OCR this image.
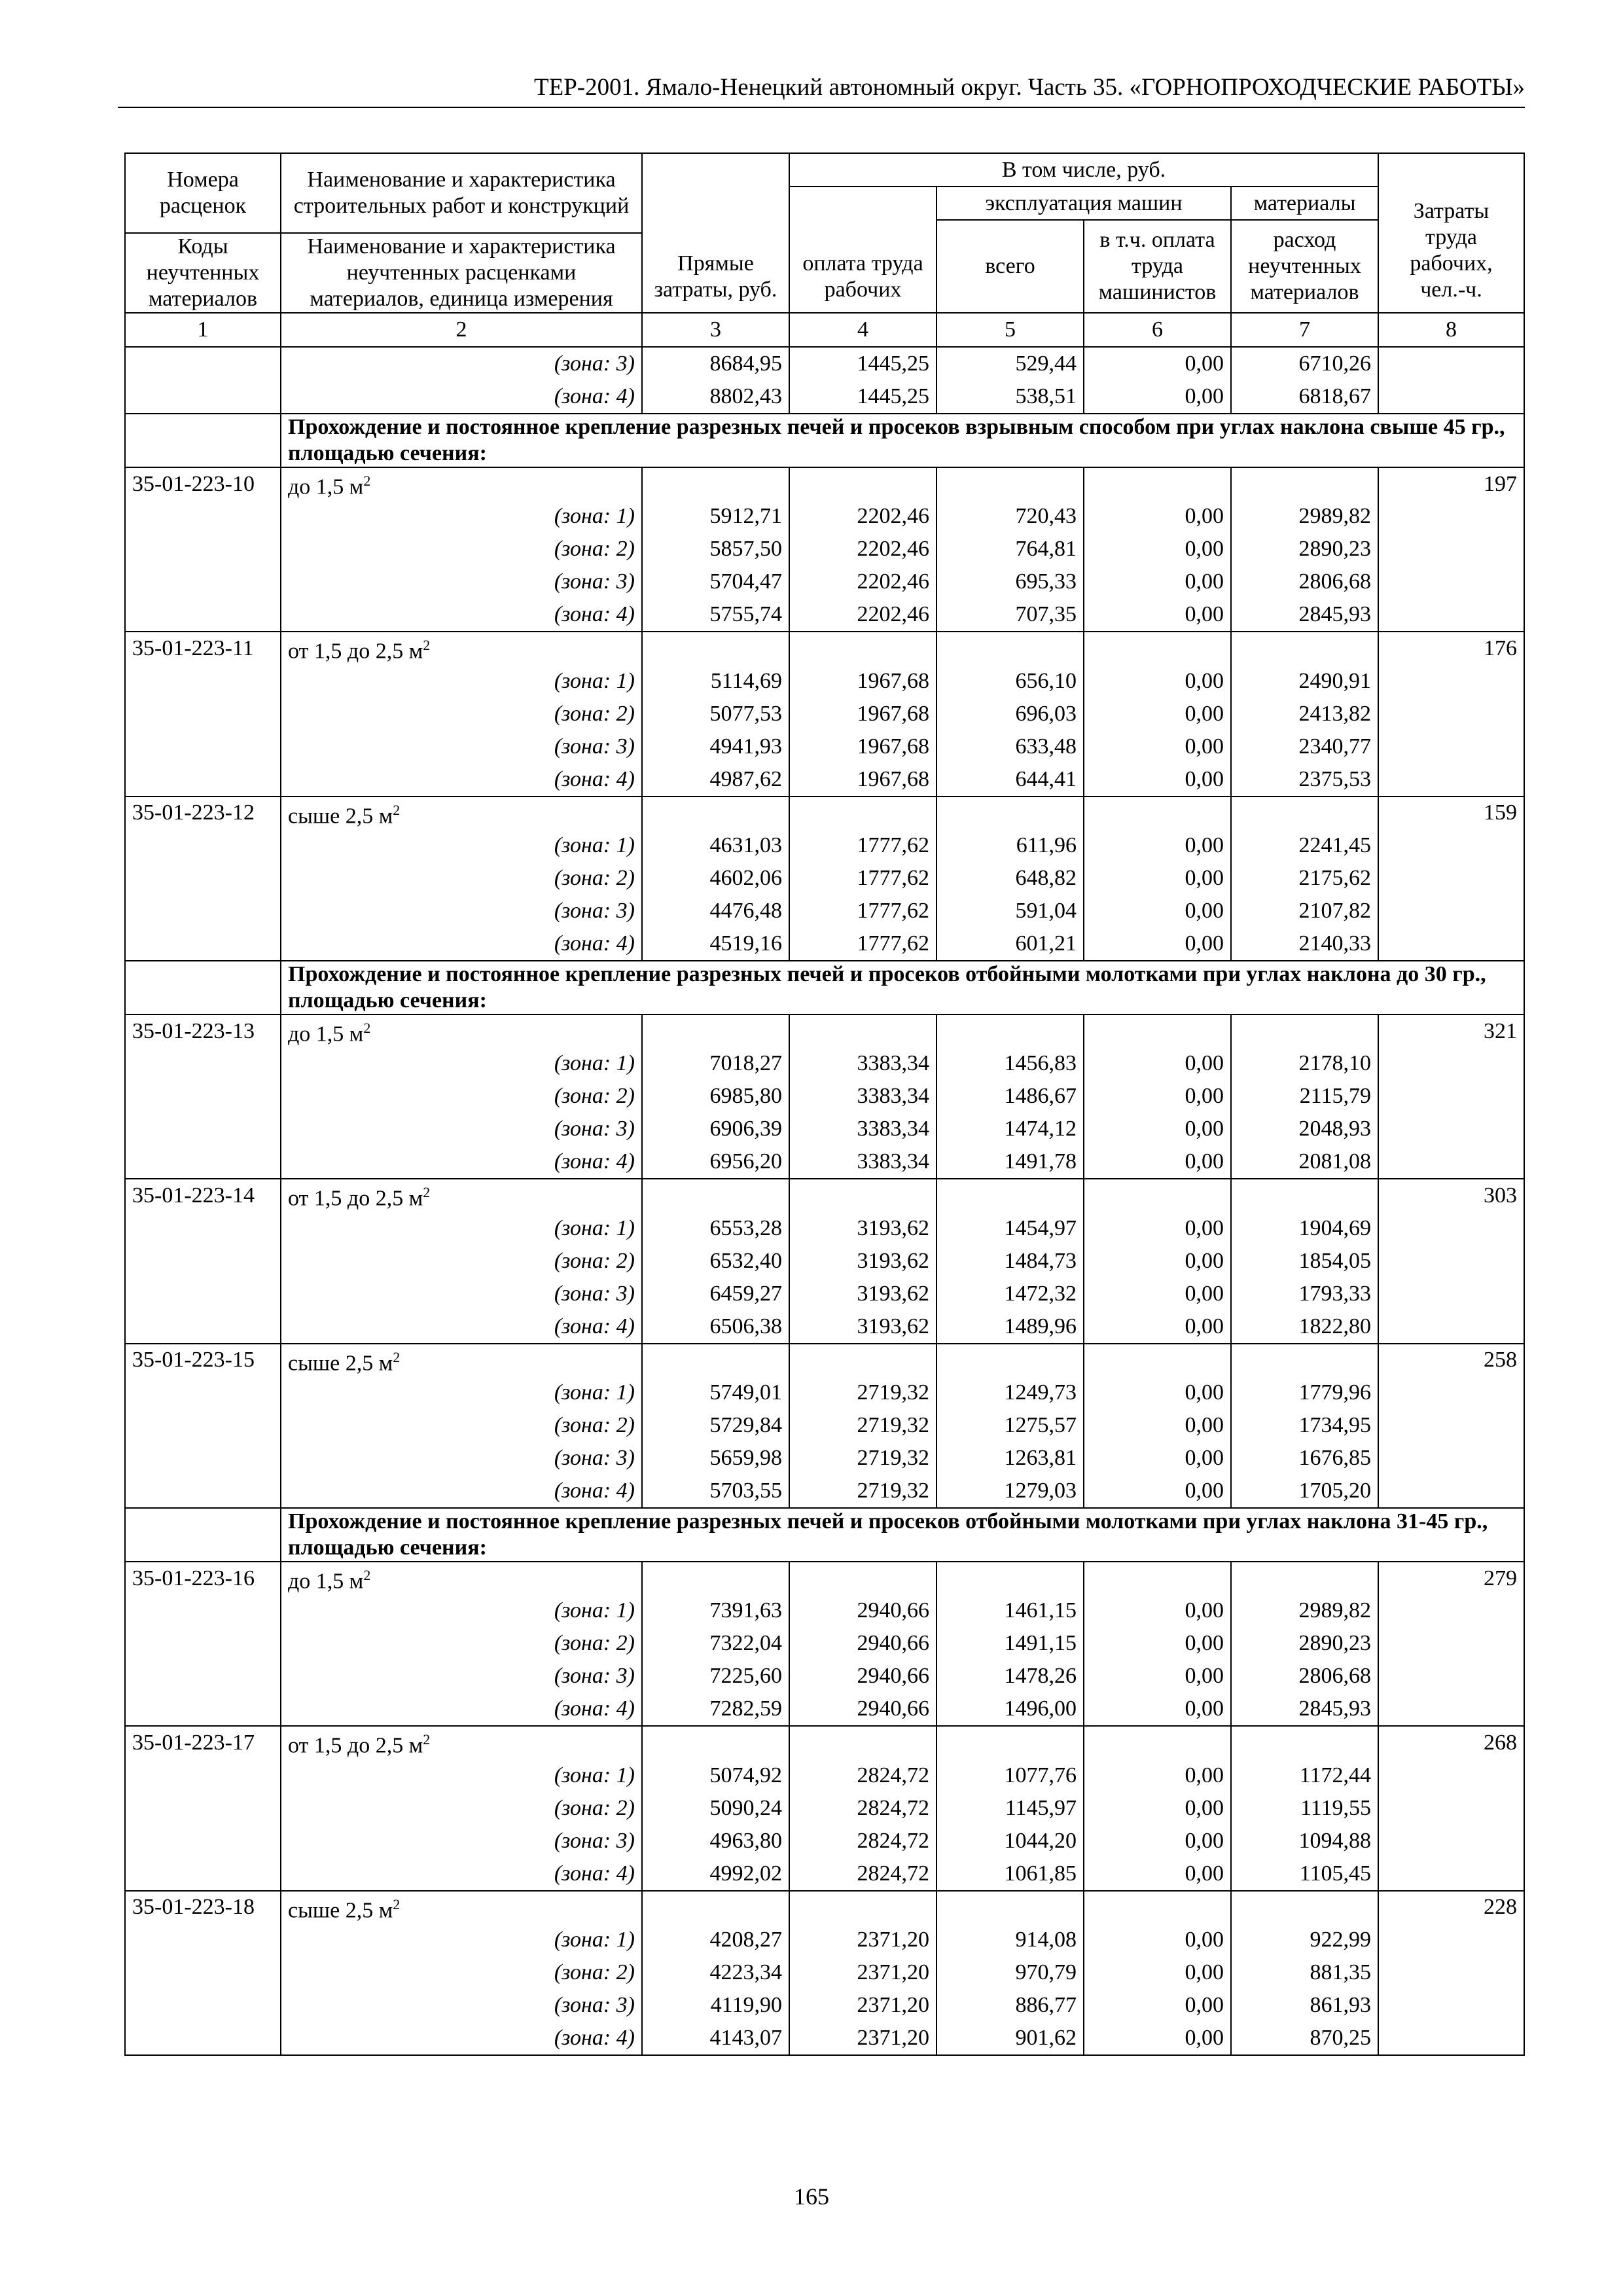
ТЕР-2001. Ямало-Ненецкий автономный округ. Часть 35. «ГОРНОПРОХОДЧЕСКИЕ РАБОТЫ»
Номера расценок	Наименование и характеристика строительных работ и конструкций	Прямые затраты, руб.	В том числе, руб.				Затраты труда рабочих, чел.-ч.
			оплата труда рабочих	эксплуатация машин		материалы	
				всего	в т.ч. оплата труда машинистов	расход неучтенных материалов	
Коды неучтенных материалов	Наименование и характеристика неучтенных расценками материалов, единица измерения						

1	2	3	4	5	6	7	8
	(зона: 3)	8684,95	1445,25	529,44	0,00	6710,26	
	(зона: 4)	8802,43	1445,25	538,51	0,00	6818,67	
	Прохождение и постоянное крепление разрезных печей и просеков взрывным способом при углах наклона свыше 45 гр., площадью сечения:						
35-01-223-10	до 1,5 $м^2$						197
	(зона: 1)	5912,71	2202,46	720,43	0,00	2989,82	
	(зона: 2)	5857,50	2202,46	764,81	0,00	2890,23	
	(зона: 3)	5704,47	2202,46	695,33	0,00	2806,68	
	(зона: 4)	5755,74	2202,46	707,35	0,00	2845,93	
35-01-223-11	от 1,5 до 2,5 $м^2$						176
	(зона: 1)	5114,69	1967,68	656,10	0,00	2490,91	
	(зона: 2)	5077,53	1967,68	696,03	0,00	2413,82	
	(зона: 3)	4941,93	1967,68	633,48	0,00	2340,77	
	(зона: 4)	4987,62	1967,68	644,41	0,00	2375,53	
35-01-223-12	сыше 2,5 $м^2$						159
	(зона: 1)	4631,03	1777,62	611,96	0,00	2241,45	
	(зона: 2)	4602,06	1777,62	648,82	0,00	2175,62	
	(зона: 3)	4476,48	1777,62	591,04	0,00	2107,82	
	(зона: 4)	4519,16	1777,62	601,21	0,00	2140,33	
	Прохождение и постоянное крепление разрезных печей и просеков отбойными молотками при углах наклона до 30 гр., площадью сечения:						
35-01-223-13	до 1,5 $м^2$						321
	(зона: 1)	7018,27	3383,34	1456,83	0,00	2178,10	
	(зона: 2)	6985,80	3383,34	1486,67	0,00	2115,79	
	(зона: 3)	6906,39	3383,34	1474,12	0,00	2048,93	
	(зона: 4)	6956,20	3383,34	1491,78	0,00	2081,08	
35-01-223-14	от 1,5 до 2,5 $м^2$						303
	(зона: 1)	6553,28	3193,62	1454,97	0,00	1904,69	
	(зона: 2)	6532,40	3193,62	1484,73	0,00	1854,05	
	(зона: 3)	6459,27	3193,62	1472,32	0,00	1793,33	
	(зона: 4)	6506,38	3193,62	1489,96	0,00	1822,80	
35-01-223-15	сыше 2,5 $м^2$						258
	(зона: 1)	5749,01	2719,32	1249,73	0,00	1779,96	
	(зона: 2)	5729,84	2719,32	1275,57	0,00	1734,95	
	(зона: 3)	5659,98	2719,32	1263,81	0,00	1676,85	
	(зона: 4)	5703,55	2719,32	1279,03	0,00	1705,20	
	Прохождение и постоянное крепление разрезных печей и просеков отбойными молотками при углах наклона 31-45 гр., площадью сечения:						
35-01-223-16	до 1,5 $м^2$						279
	(зона: 1)	7391,63	2940,66	1461,15	0,00	2989,82	
	(зона: 2)	7322,04	2940,66	1491,15	0,00	2890,23	
	(зона: 3)	7225,60	2940,66	1478,26	0,00	2806,68	
	(зона: 4)	7282,59	2940,66	1496,00	0,00	2845,93	
35-01-223-17	от 1,5 до 2,5 $м^2$						268
	(зона: 1)	5074,92	2824,72	1077,76	0,00	1172,44	
	(зона: 2)	5090,24	2824,72	1145,97	0,00	1119,55	
	(зона: 3)	4963,80	2824,72	1044,20	0,00	1094,88	
	(зона: 4)	4992,02	2824,72	1061,85	0,00	1105,45	
35-01-223-18	сыше 2,5 $м^2$						228
	(зона: 1)	4208,27	2371,20	914,08	0,00	922,99	
	(зона: 2)	4223,34	2371,20	970,79	0,00	881,35	
	(зона: 3)	4119,90	2371,20	886,77	0,00	861,93	
	(зона: 4)	4143,07	2371,20	901,62	0,00	870,25	
165
